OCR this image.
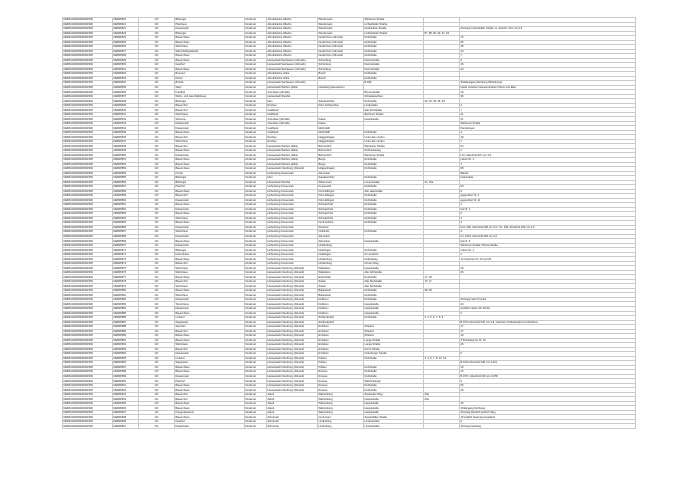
DEBKG0000000000Z300	DEB36520	CD	Bildungst	Denkmal	Altmärkische Wische	Werderwerk	Werbener Straße		
DEBKG0000000000Z300	DEB36521	CD	Pfarrhaus	Denkmal	Altmärkische Wische	Werderwerk	Lichterfelder Straße		
DEBKG0000000000Z300	DEB36522	CD	Dieasvstein	Denkmal	Altmärkische Wische	Werderwerk	Neuberliner Straße		Abzweig Lichterfelder Straße, Ll, Abschn. 001, km 0,6
DEBKG0000000000Z300	DEB36523	CD	Bildungst	Denkmal	Altmärkische Wische	Werderwerk	Lichterfelder Straße	87, 88, 90, 92, 91, 93	
DEBKG0000000000Z300	DEB36524	CD	Bauernhaus	Denkmal	Altmärkische Wische	Neukirchen (Altmark)	Dorfstraße		70
DEBKG0000000000Z300	DEB36525	CD	Bauernhaus	Denkmal	Altmärkische Wische	Neukirchen (Altmark)	Dorfstraße		66
DEBKG0000000000Z300	DEB36526	CD	Wohnhaus	Denkmal	Altmärkische Wische	Neukirchen (Altmark)	Dorfstraße		38
DEBKG0000000000Z300	DEB36527	CD	Wirtschaftsgebäude	Denkmal	Altmärkische Wische	Neukirchen (Altmark)	Dorfstraße		10
DEBKG0000000000Z300	DEB36528	CD	Bauernhaus	Denkmal	Altmärkische Wische	Neukirchen (Altmark)	Dorfstraße		7
DEBKG0000000000Z300	DEB36529	CD	Bauernhaus	Denkmal	Hansestadt Seehausen (Altmark)	Schönberg	Dammstraße		4
DEBKG0000000000Z300	DEB36530	CD	Gasthof	Denkmal	Hansestadt Seehausen (Altmark)	Schönberg	Dammstraße		16
DEBKG0000000000Z300	DEB36531	CD	Bauernhaus	Denkmal	Hansestadt Seehausen (Altmark)	Schönberg	Dammstraße		24
DEBKG0000000000Z300	DEB36532	CD	Brunnen	Denkmal	Altmärkische Höhe	Bosch	Dorfstraße		
DEBKG0000000000Z300	DEB36533	CD	Portal	Denkmal	Altmärkische Höhe	Bosch	Dorfstraße		
DEBKG0000000000Z300	DEB36534	CD	Brücke	Denkmal	Hansestadt Seehausen (Altmark)		B 189		Stadtausgang Richtung Wittenberge
DEBKG0000000000Z300	DEB36535	CD	Wehr	Denkmal	Hansestadt Werben (Elbe)	Havelberg-Neuwerben			Havel zwischen Havelmündeten Strom und Elbe
DEBKG0000000000Z300	DEB36536	CD	Friedhof	Denkmal	Arendsee (Altmark)		Binnenstraße		16
DEBKG0000000000Z300	DEB36537	CD	Wohn- und Geschäftshaus	Denkmal	Hansestadt Stendal		Schadewachten		39
DEBKG0000000000Z300	DEB36538	CD	Bildungst	Denkmal	Iden	Sandauerholz	Dorfstraße	32, 34, 35, 36, 39	
DEBKG0000000000Z300	DEB36539	CD	Bauernhof	Denkmal	Rochau	Klein Schwechten	Lindenallee		4
DEBKG0000000000Z300	DEB36540	CD	Bauernhof	Denkmal	Goldbeck		Alte Dorfstraße		7
DEBKG0000000000Z300	DEB36541	CD	Wohnhaus	Denkmal	Goldbeck		Berliener Straße		21
DEBKG0000000000Z300	DEB36542	CD	Scheune	Denkmal	Arendsee (Altmark)	Kaken	Hauptstraße		21
DEBKG0000000000Z300	DEB36543	CD	Dieasvstein	Denkmal	Arendsee (Altmark)	Kaken			Werbener Straße
DEBKG0000000000Z300	DEB36544	CD	Dieasvstein	Denkmal	Goldbeck	Mehnfeldt			Kleinalingen
DEBKG0000000000Z300	DEB36545	CD	Bauernhaus	Denkmal	Goldbeck	Mehnfeldt	Dorfstraße		4
DEBKG0000000000Z300	DEB36546	CD	Bauernhof	Denkmal	Rochau	Häggenhagen	Unter den Linden		18
DEBKG0000000000Z300	DEB36547	CD	Wohnhaus	Denkmal	Rochau	Häggenhagen	Unter den Linden		7
DEBKG0000000000Z300	DEB36548	CD	Bauernhof	Denkmal	Hansestadt Werben (Elbe)	Behrendorf	Wirtheiner Straße		23
DEBKG0000000000Z300	DEB36549	CD	Bauernhaus	Denkmal	Hansestadt Werben (Elbe)	Behrendorf	Storbeckeweg		1
DEBKG0000000000Z300	DEB36550	CD	Dieasvstein	Denkmal	Hansestadt Werben (Elbe)	Behrendorf	Werbener Straße		L16, Abschnitt 007, km 3,5
DEBKG0000000000Z300	DEB36551	CD	Bauernhaus	Denkmal	Hansestadt Werben (Elbe)	Berge	Dorfstraße		neben Nr. 1
DEBKG0000000000Z300	DEB36552	CD	Bauernhaus	Denkmal	Hansestadt Werben (Elbe)	Berge	Dorfstraße		7
DEBKG0000000000Z300	DEB36553	CD	Bauernhaus	Denkmal	Hansestadt Osterburg (Altmark)	Häggenhagen	Dorfstraße		68
DEBKG0000000000Z300	DEB36554	CD	Kirche	Denkmal	Hohenberg-Krusemark	Altenzaun			Bänkle
DEBKG0000000000Z300	DEB36555	CD	Bildungst	Denkmal	Iden	Sandauerholz	Dorfstraße		Hainstraße
DEBKG0000000000Z300	DEB36556	CD	Bildungst	Denkmal	Hansestadt Stendal	Wittenmoor	Immenstraße	24, 24a	
DEBKG0000000000Z300	DEB36557	CD	Pfarrhof	Denkmal	Hohenberg-Krusemark	Krusemark	Dorfstraße		60
DEBKG0000000000Z300	DEB36558	CD	Bauernhaus	Denkmal	Hohenberg-Krusemark	Groß Ellingen	Alte Heerstraße		9
DEBKG0000000000Z300	DEB36559	CD	Bauernhof	Denkmal	Hohenberg-Krusemark	Klein Ellingen	Dorfstraße		gegenüber Nr. 4
DEBKG0000000000Z300	DEB36560	CD	Dieasvstein	Denkmal	Hohenberg-Krusemark	Klein Ellingen	Dorfstraße		gegenüber Nr. 11
DEBKG0000000000Z300	DEB36561	CD	Bauernhaus	Denkmal	Hohenberg-Krusemark	Schwarzholz	Dorfstraße		1
DEBKG0000000000Z300	DEB36562	CD	Dieasvstein	Denkmal	Hohenberg-Krusemark	Schwarzholz	Dorfstraße		bei Nr. 2
DEBKG0000000000Z300	DEB36563	CD	Bauernhaus	Denkmal	Hohenberg-Krusemark	Schwarzholz	Dorfstraße		2
DEBKG0000000000Z300	DEB36564	CD	Wohnhaus	Denkmal	Hohenberg-Krusemark	Schwarzholz	Dorfstraße		4
DEBKG0000000000Z300	DEB36565	CD	Bauernhaus	Denkmal	Hohenberg-Krusemark	Groß Holtorp	Dorfstraße		3
DEBKG0000000000Z300	DEB36566	CD	Dieasvstein	Denkmal	Hohenberg-Krusemark	Wustrow			K11, Abb. Abschnitt 008, km 0,0 / K1, 006, Abschnitt 009, km 0,0
DEBKG0000000000Z300	DEB36567	CD	Wohnhaus	Denkmal	Hohenberg-Krusemark	Ostinholz	Dorfstraße		4
DEBKG0000000000Z300	DEB36568	CD	Dieasvstein	Denkmal	Hohenberg-Krusemark	Altenzaun			K1, 1061, Abschnitt 009, km 0,0
DEBKG0000000000Z300	DEB36569	CD	Bauernhaus	Denkmal	Hohenberg-Krusemark	Altenzaun	Hauptstraße		bei Nr. 6
DEBKG0000000000Z300	DEB36570	CD	Dieasvstein	Denkmal	Hohenberg-Krusemark	Hindenburg			Werbener Straße / Breite Straße
DEBKG0000000000Z300	DEB36571	CD	Bildungst	Denkmal	Hohenberg-Krusemark	Gießlingen	Dorfstraße		neben Nr. 1
DEBKG0000000000Z300	DEB36572	CD	Herrenhaus	Denkmal	Hohenberg-Krusemark	Gießlingen	Am Gutshof		1
DEBKG0000000000Z300	DEB36573	CD	Bauernhaus	Denkmal	Hohenberg-Krusemark	Hindenburg	Hofandweg		12 zwischen Nr. 20 und 24
DEBKG0000000000Z300	DEB36574	CD	Bauernhof	Denkmal	Hohenberg-Krusemark	Hindenburg	Grüner Weg		
DEBKG0000000000Z300	DEB36575	CD	Wohnhaus	Denkmal	Hansestadt Osterburg (Altmark)	Walsleben	Hauptstraße		19
DEBKG0000000000Z300	DEB36576	CD	Wohnhaus	Denkmal	Hansestadt Osterburg (Altmark)	Walsleben	Alte Dorfstraße		26
DEBKG0000000000Z300	DEB36577	CD	Bauernhaus	Denkmal	Hansestadt Osterburg (Altmark)	Eickerhöfe	Dorfstraße	17, 18	
DEBKG0000000000Z300	DEB36578	CD	Bauernhof	Denkmal	Hansestadt Osterburg (Altmark)	Zedau	Alte Dorfstraße	15, 17	
DEBKG0000000000Z300	DEB36579	CD	Wohnhaus	Denkmal	Hansestadt Osterburg (Altmark)	Zedau	Alte Dorfstraße		
DEBKG0000000000Z300	DEB36580	CD	Bauernhaus	Denkmal	Hansestadt Osterburg (Altmark)	Ballerstedt	Dorfstraße	38, 39	
DEBKG0000000000Z300	DEB36581	CD	Wohnhaus	Denkmal	Hansestadt Osterburg (Altmark)	Ballerstedt	Dorfstraße		
DEBKG0000000000Z300	DEB36582	CD	Dieasvstein	Denkmal	Hansestadt Osterburg (Altmark)	Dobbrun	Dorfstraße		Abzweig nach Krumke
DEBKG0000000000Z300	DEB36583	CD	Tierschiene	Denkmal	Hansestadt Osterburg (Altmark)	Dobbrun	Hauptstraße		20
DEBKG0000000000Z300	DEB36584	CD	Dieasvstein	Denkmal	Hansestadt Osterburg (Altmark)	Dobbrun	Hauptstraße		westlich neben der Kirche
DEBKG0000000000Z300	DEB36585	CD	Bauernhaus	Denkmal	Hansestadt Osterburg (Altmark)	Dobbrun	Hauptstraße		2
DEBKG0000000000Z300	DEB36586	CD	Umland	Denkmal	Hansestadt Osterburg (Altmark)	Schliecksdorf	Dorfstraße	3, 4, 5, 6, 7, 8, 9	
DEBKG0000000000Z300	DEB36587	CD	Wegweiser	Denkmal	Hansestadt Osterburg (Altmark)	Schliecksdorf			B 1571 Abschnitt 005, km 0,8, zwischen Schliecksdorf und Dobbrun
DEBKG0000000000Z300	DEB36588	CD	Speicher	Denkmal	Hansestadt Osterburg (Altmark)	Erxleben	Wüsteni		17
DEBKG0000000000Z300	DEB36589	CD	Bauernhof	Denkmal	Hansestadt Osterburg (Altmark)	Erxleben	Wüsteni		17
DEBKG0000000000Z300	DEB36590	CD	Bauernhaus	Denkmal	Hansestadt Osterburg (Altmark)	Erxleben	Wüsteni		19
DEBKG0000000000Z300	DEB36591	CD	Bauernhaus	Denkmal	Hansestadt Osterburg (Altmark)	Erxleben	Lange Straße		3 Schulweg bei Nr. 16
DEBKG0000000000Z300	DEB36592	CD	Wohnhaus	Denkmal	Hansestadt Osterburg (Altmark)	Erxleben	Lange Straße		26
DEBKG0000000000Z300	DEB36593	CD	Bauernhof	Denkmal	Hansestadt Osterburg (Altmark)	Erxleben	Kurze Straße		
DEBKG0000000000Z300	DEB36594	CD	Dieasvstein	Denkmal	Hansestadt Osterburg (Altmark)	Erxleben	Osterburger Straße		6
DEBKG0000000000Z300	DEB36595	CD	Umland	Denkmal	Hansestadt Osterburg (Altmark)	Polkau	Dorfstraße	3, 4, 5, 7, 8, 10, 14	
DEBKG0000000000Z300	DEB36596	CD	Wegweiser	Denkmal	Hansestadt Osterburg (Altmark)	Polkau			B 1001 Abschnitt 008, km 0,001
DEBKG0000000000Z300	DEB36597	CD	Bauernhaus	Denkmal	Hansestadt Osterburg (Altmark)	Polkau	Dorfstraße		10
DEBKG0000000000Z300	DEB36598	CD	Bauernhaus	Denkmal	Hansestadt Osterburg (Altmark)	Rossau	Dorfstraße		14
DEBKG0000000000Z300	DEB36599	CD	Dieasvstein	Denkmal	Hansestadt Osterburg (Altmark)	Rossau	Dorfstraße		B 1571, Abschnitt 003, km 0,055
DEBKG0000000000Z300	DEB36600	CD	Pfarrhof	Denkmal	Hansestadt Osterburg (Altmark)	Rossau	Wahrenberger		4
DEBKG0000000000Z300	DEB36601	CD	Bauernhaus	Denkmal	Hansestadt Osterburg (Altmark)	Rossau	Dorfstraße		50
DEBKG0000000000Z300	DEB36602	CD	Bauernhaus	Denkmal	Hansestadt Osterburg (Altmark)	Rossau	Dorfstraße		46
DEBKG0000000000Z300	DEB36603	CD	Bauernhof	Denkmal	Aland	Wahrenberg	Seebarder Weg	29a	
DEBKG0000000000Z300	DEB36604	CD	Bauernhof	Denkmal	Aland	Wahrenberg	Hauptstraße	24a	
DEBKG0000000000Z300	DEB36605	CD	Bauernhaus	Denkmal	Aland	Wahrenberg	Hauptstraße		40
DEBKG0000000000Z300	DEB36606	CD	Bauernhaus	Denkmal	Aland	Wahrenberg	Hauptstraße		18 Eingang Kirchweg
DEBKG0000000000Z300	DEB36607	CD	Kriegerdenkmal	Denkmal	Aland	Wahrenberg	Hauptstraße		Abzweig Dandorf-Gartich Weg
DEBKG0000000000Z300	DEB36608	CD	Bauernhaus	Denkmal	Zehrental	Groß Garz	Seeanfelder Straße		15 südlich Seeburg Havelland
DEBKG0000000000Z300	DEB36609	CD	Gasthof	Denkmal	Zehrental	Lindenberg	Lindenstraße		3
DEBKG0000000000Z300	DEB36610	CD	Dieasvstein	Denkmal	Zehrental	Lindenberg	Lindenstraße		Abzweig Gartlang
